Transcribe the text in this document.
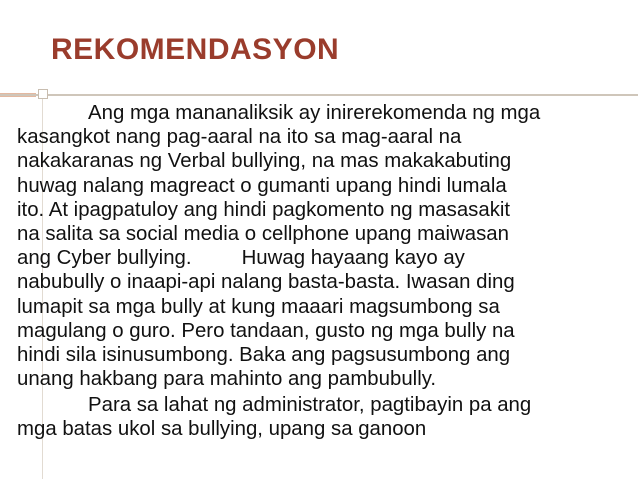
REKOMENDASYON
Ang mga mananaliksik ay inirerekomenda ng mga
kasangkot nang pag-aaral na ito sa mag-aaral na
nakakaranas ng Verbal bullying, na mas makakabuting
huwag nalang magreact o gumanti upang hindi lumala
ito. At ipagpatuloy ang hindi pagkomento ng masasakit
na salita sa social media o cellphone upang maiwasan
ang Cyber bullying. Huwag hayaang kayo ay
nabubully o inaapi-api nalang basta-basta. Iwasan ding
lumapit sa mga bully at kung maaari magsumbong sa
magulang o guro. Pero tandaan, gusto ng mga bully na
hindi sila isinusumbong. Baka ang pagsusumbong ang
unang hakbang para mahinto ang pambubully.
Para sa lahat ng administrator, pagtibayin pa ang
mga batas ukol sa bullying, upang sa ganoon
